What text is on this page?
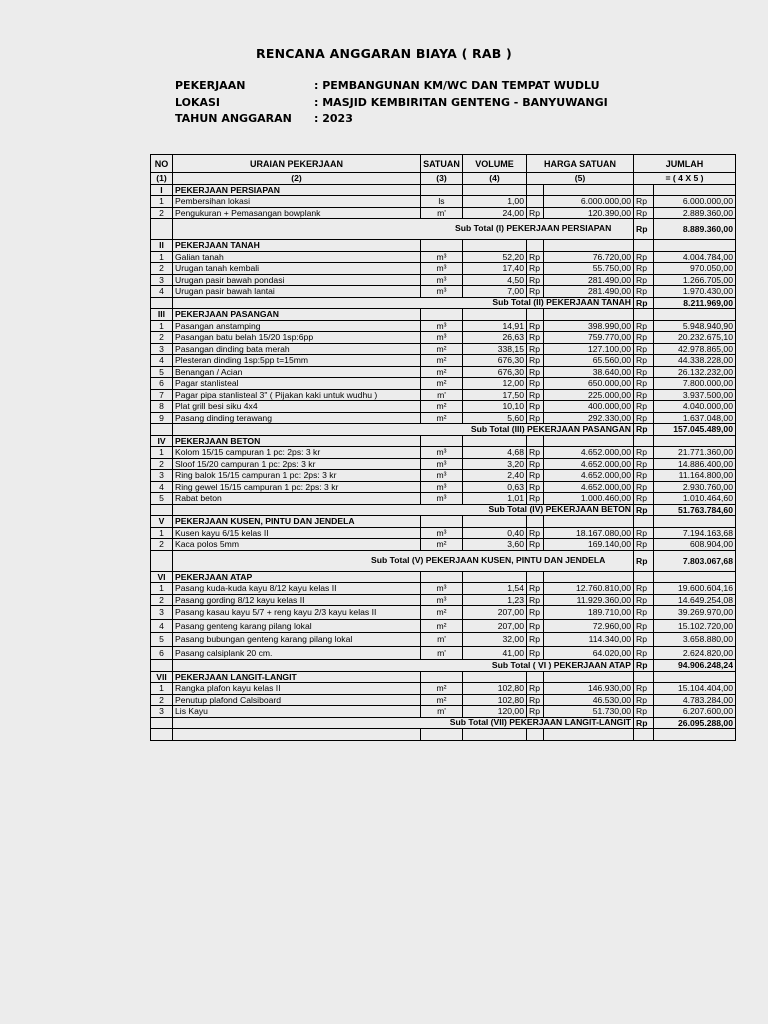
RENCANA ANGGARAN BIAYA ( RAB )
PEKERJAAN	: PEMBANGUNAN KM/WC DAN TEMPAT WUDLU
LOKASI	: MASJID KEMBIRITAN GENTENG - BANYUWANGI
TAHUN ANGGARAN : 2023
NO	URAIAN PEKERJAAN	SATUAN	VOLUME	HARGA SATUAN		JUMLAH	
(1)	(2)	(3)	(4)	(5)		= ( 4 X 5 )	
I	PEKERJAAN PERSIAPAN						
1	Pembersihan lokasi	ls	1,00		6.000.000,00	Rp	6.000.000,00
2	Pengukuran + Pemasangan bowplank	m'	24,00	Rp	120.390,00	Rp	2.889.360,00
	Sub Total (I) PEKERJAAN PERSIAPAN					Rp	8.889.360,00
II	PEKERJAAN TANAH						
1	Galian tanah	m³	52,20	Rp	76.720,00	Rp	4.004.784,00
2	Urugan tanah kembali	m³	17,40	Rp	55.750,00	Rp	970.050,00
3	Urugan pasir bawah pondasi	m³	4,50	Rp	281.490,00	Rp	1.266.705,00
4	Urugan pasir bawah lantai	m³	7,00	Rp	281.490,00	Rp	1.970.430,00
	Sub Total (II) PEKERJAAN TANAH					Rp	8.211.969,00
III	PEKERJAAN PASANGAN						
1	Pasangan anstamping	m³	14,91	Rp	398.990,00	Rp	5.948.940,90
2	Pasangan batu belah 15/20 1sp:6pp	m³	26,63	Rp	759.770,00	Rp	20.232.675,10
3	Pasangan dinding bata merah	m²	338,15	Rp	127.100,00	Rp	42.978.865,00
4	Plesteran dinding 1sp:5pp t=15mm	m²	676,30	Rp	65.560,00	Rp	44.338.228,00
5	Benangan / Acian	m²	676,30	Rp	38.640,00	Rp	26.132.232,00
6	Pagar stanlisteal	m²	12,00	Rp	650.000,00	Rp	7.800.000,00
7	Pagar pipa stanlisteal 3" ( Pijakan kaki untuk wudhu )	m'	17,50	Rp	225.000,00	Rp	3.937.500,00
8	Plat grill besi siku 4x4	m²	10,10	Rp	400.000,00	Rp	4.040.000,00
9	Pasang dinding terawang	m²	5,60	Rp	292.330,00	Rp	1.637.048,00
	Sub Total (III) PEKERJAAN PASANGAN					Rp	157.045.489,00
IV	PEKERJAAN BETON						
1	Kolom 15/15 campuran 1 pc: 2ps: 3 kr	m³	4,68	Rp	4.652.000,00	Rp	21.771.360,00
2	Sloof 15/20 campuran 1 pc: 2ps: 3 kr	m³	3,20	Rp	4.652.000,00	Rp	14.886.400,00
3	Ring balok 15/15 campuran 1 pc: 2ps: 3 kr	m³	2,40	Rp	4.652.000,00	Rp	11.164.800,00
4	Ring gewel 15/15 campuran 1 pc: 2ps: 3 kr	m³	0,63	Rp	4.652.000,00	Rp	2.930.760,00
5	Rabat beton	m³	1,01	Rp	1.000.460,00	Rp	1.010.464,60
	Sub Total (IV) PEKERJAAN BETON					Rp	51.763.784,60
V	PEKERJAAN KUSEN, PINTU DAN JENDELA						
1	Kusen kayu 6/15 kelas II	m³	0,40	Rp	18.167.080,00	Rp	7.194.163,68
2	Kaca polos 5mm	m²	3,60	Rp	169.140,00	Rp	608.904,00
	Sub Total (V) PEKERJAAN KUSEN, PINTU DAN JENDELA					Rp	7.803.067,68
VI	PEKERJAAN ATAP						
1	Pasang kuda-kuda kayu 8/12 kayu kelas II	m³	1,54	Rp	12.760.810,00	Rp	19.600.604,16
2	Pasang gording 8/12 kayu kelas II	m³	1,23	Rp	11.929.360,00	Rp	14.649.254,08
3	Pasang kasau kayu 5/7 + reng kayu 2/3 kayu kelas II	m²	207,00	Rp	189.710,00	Rp	39.269.970,00
4	Pasang genteng karang pilang lokal	m²	207,00	Rp	72.960,00	Rp	15.102.720,00
5	Pasang bubungan genteng karang pilang lokal	m'	32,00	Rp	114.340,00	Rp	3.658.880,00
6	Pasang calsiplank 20 cm.	m'	41,00	Rp	64.020,00	Rp	2.624.820,00
	Sub Total ( VI ) PEKERJAAN ATAP					Rp	94.906.248,24
VII	PEKERJAAN LANGIT-LANGIT						
1	Rangka plafon kayu kelas II	m²	102,80	Rp	146.930,00	Rp	15.104.404,00
2	Penutup plafond Calsiboard	m²	102,80	Rp	46.530,00	Rp	4.783.284,00
3	Lis Kayu	m'	120,00	Rp	51.730,00	Rp	6.207.600,00
	Sub Total (VII) PEKERJAAN LANGIT-LANGIT					Rp	26.095.288,00
